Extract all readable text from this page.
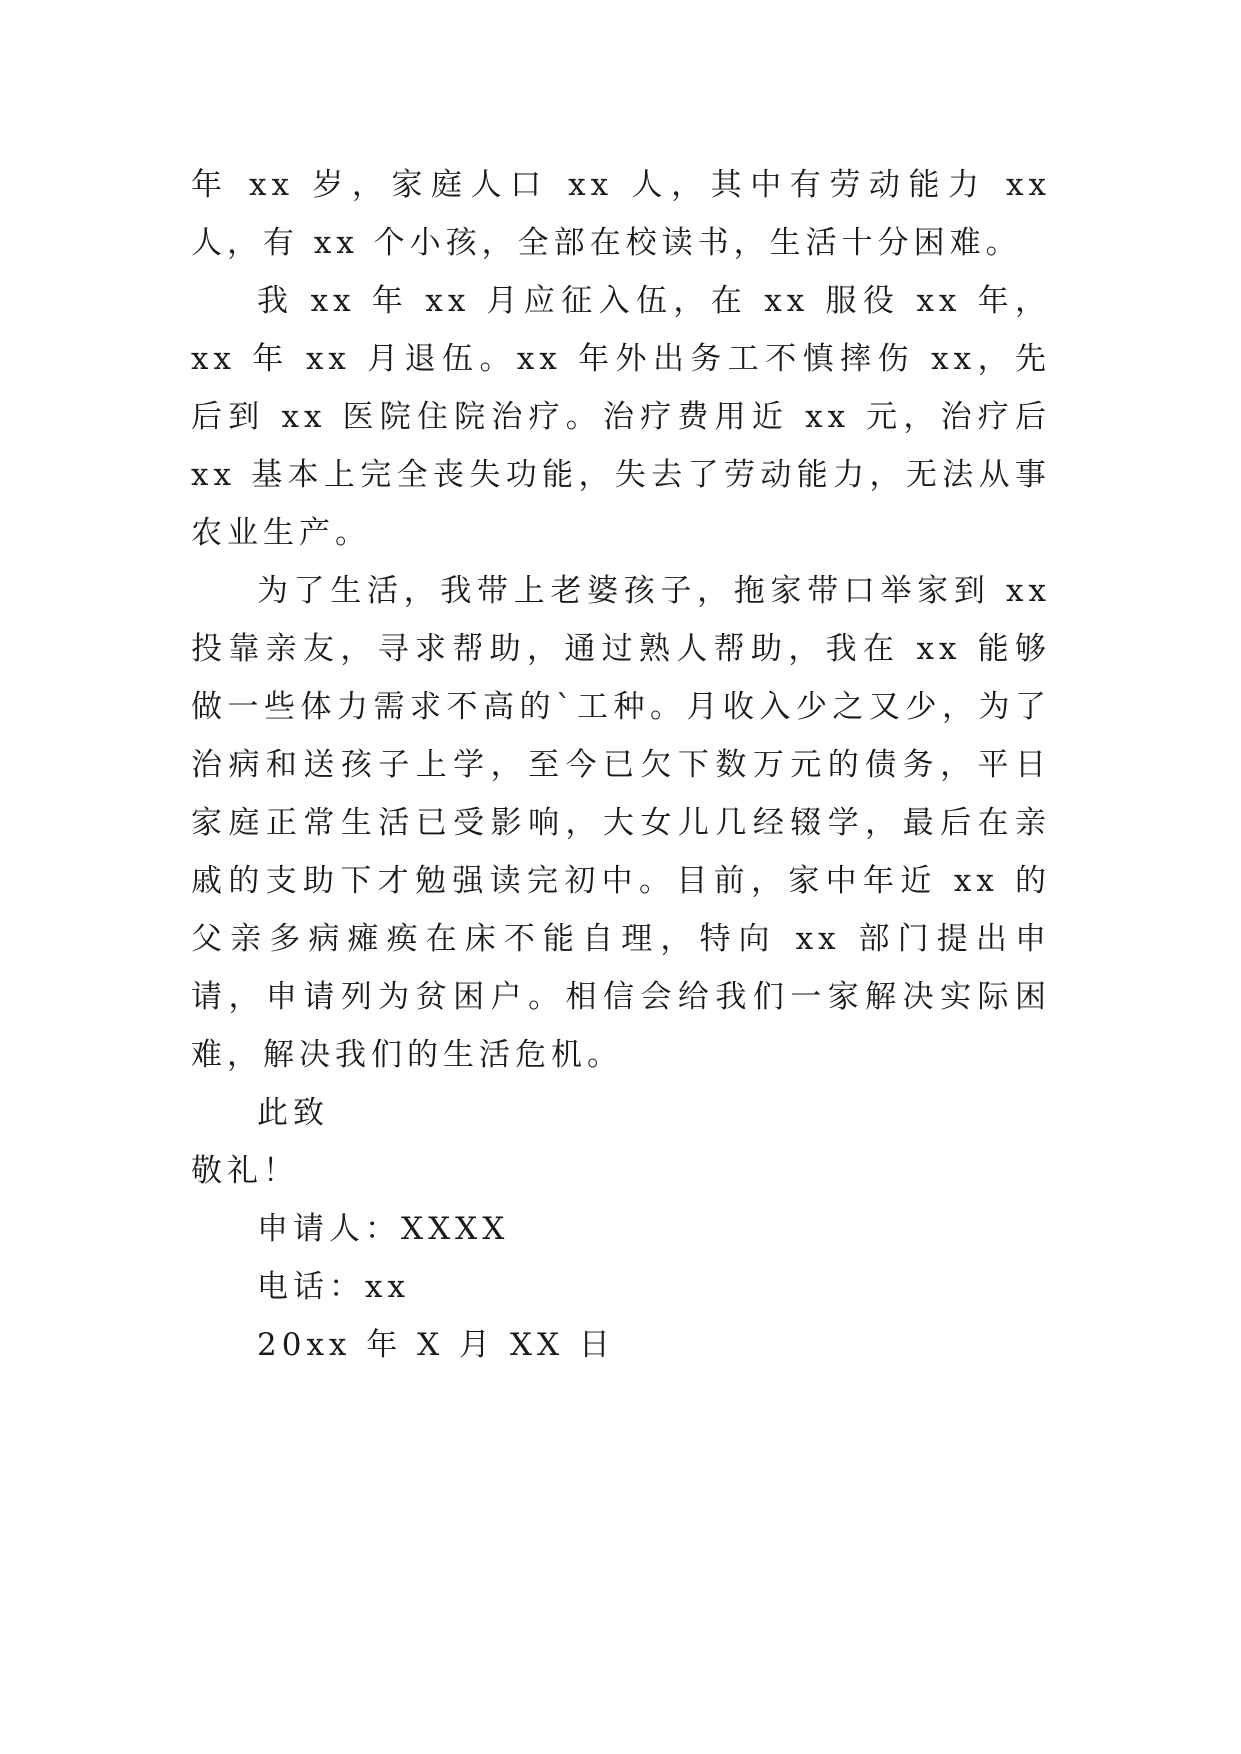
年 xx 岁，家庭人口 xx 人，其中有劳动能力 xx 人，有 xx 个小孩，全部在校读书，生活十分困难。

我 xx 年 xx 月应征入伍，在 xx 服役 xx 年，xx 年 xx 月退伍。xx 年外出务工不慎摔伤 xx，先后到 xx 医院住院治疗。治疗费用近 xx 元，治疗后 xx 基本上完全丧失功能，失去了劳动能力，无法从事农业生产。

为了生活，我带上老婆孩子，拖家带口举家到 xx 投靠亲友，寻求帮助，通过熟人帮助，我在 xx 能够做一些体力需求不高的`工种。月收入少之又少，为了治病和送孩子上学，至今已欠下数万元的债务，平日家庭正常生活已受影响，大女儿几经辍学，最后在亲戚的支助下才勉强读完初中。目前，家中年近 xx 的父亲多病瘫痪在床不能自理，特向 xx 部门提出申请，申请列为贫困户。相信会给我们一家解决实际困难，解决我们的生活危机。

此致

敬礼！

申请人：XXXX

电话：xx

20xx 年 X 月 XX 日
